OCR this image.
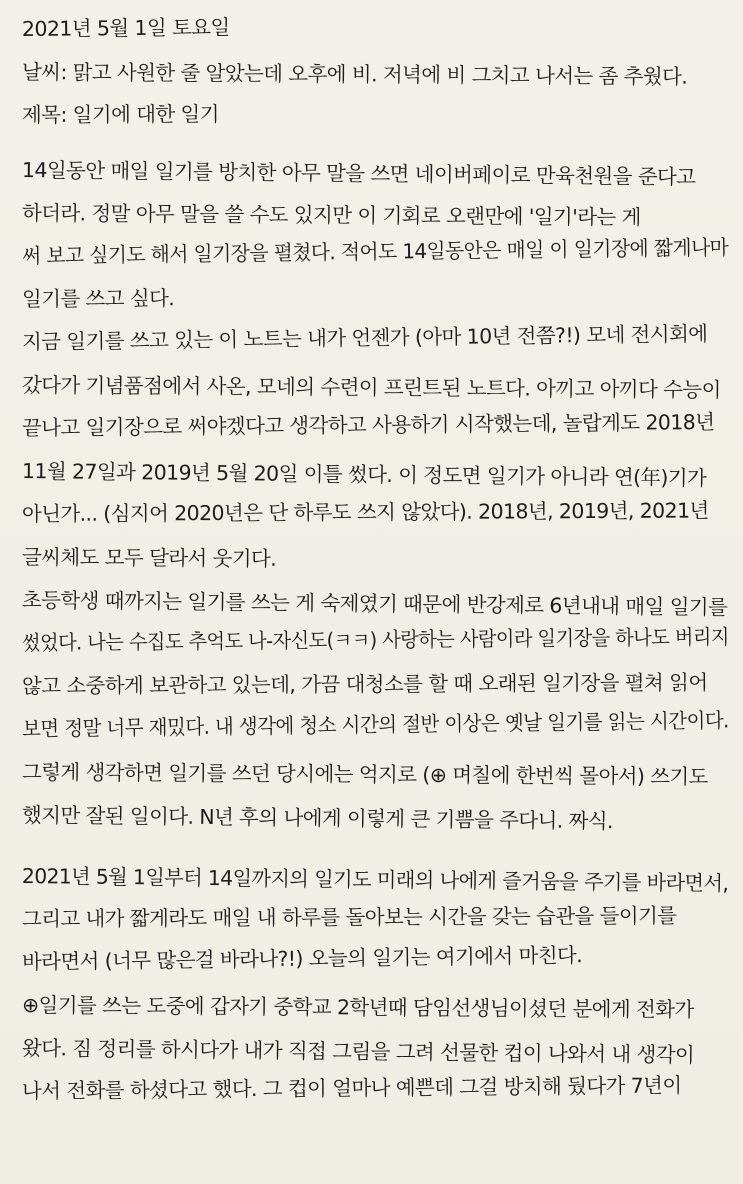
2021년 5월 1일 토요일
날씨: 맑고 사원한 줄 알았는데 오후에 비. 저녁에 비 그치고 나서는 좀 추웠다.
제목: 일기에 대한 일기
14일동안 매일 일기를 방치한 아무 말을 쓰면 네이버페이로 만육천원을 준다고
하더라. 정말 아무 말을 쓸 수도 있지만 이 기회로 오랜만에 '일기'라는 게
써 보고 싶기도 해서 일기장을 펼쳤다. 적어도 14일동안은 매일 이 일기장에 짧게나마
일기를 쓰고 싶다.
지금 일기를 쓰고 있는 이 노트는 내가 언젠가 (아마 10년 전쯤?!) 모네 전시회에
갔다가 기념품점에서 사온, 모네의 수련이 프린트된 노트다. 아끼고 아끼다 수능이
끝나고 일기장으로 써야겠다고 생각하고 사용하기 시작했는데, 놀랍게도 2018년
11월 27일과 2019년 5월 20일 이틀 썼다. 이 정도면 일기가 아니라 연(年)기가
아닌가... (심지어 2020년은 단 하루도 쓰지 않았다). 2018년, 2019년, 2021년
글씨체도 모두 달라서 웃기다.
초등학생 때까지는 일기를 쓰는 게 숙제였기 때문에 반강제로 6년내내 매일 일기를
썼었다. 나는 수집도 추억도 나-자신도(ㅋㅋ) 사랑하는 사람이라 일기장을 하나도 버리지
않고 소중하게 보관하고 있는데, 가끔 대청소를 할 때 오래된 일기장을 펼쳐 읽어
보면 정말 너무 재밌다. 내 생각에 청소 시간의 절반 이상은 옛날 일기를 읽는 시간이다.
그렇게 생각하면 일기를 쓰던 당시에는 억지로 (⊕ 며칠에 한번씩 몰아서) 쓰기도
했지만 잘된 일이다. N년 후의 나에게 이렇게 큰 기쁨을 주다니. 짜식.
2021년 5월 1일부터 14일까지의 일기도 미래의 나에게 즐거움을 주기를 바라면서,
그리고 내가 짧게라도 매일 내 하루를 돌아보는 시간을 갖는 습관을 들이기를
바라면서 (너무 많은걸 바라나?!) 오늘의 일기는 여기에서 마친다.
⊕일기를 쓰는 도중에 갑자기 중학교 2학년때 담임선생님이셨던 분에게 전화가
왔다. 짐 정리를 하시다가 내가 직접 그림을 그려 선물한 컵이 나와서 내 생각이
나서 전화를 하셨다고 했다. 그 컵이 얼마나 예쁜데 그걸 방치해 뒀다가 7년이
